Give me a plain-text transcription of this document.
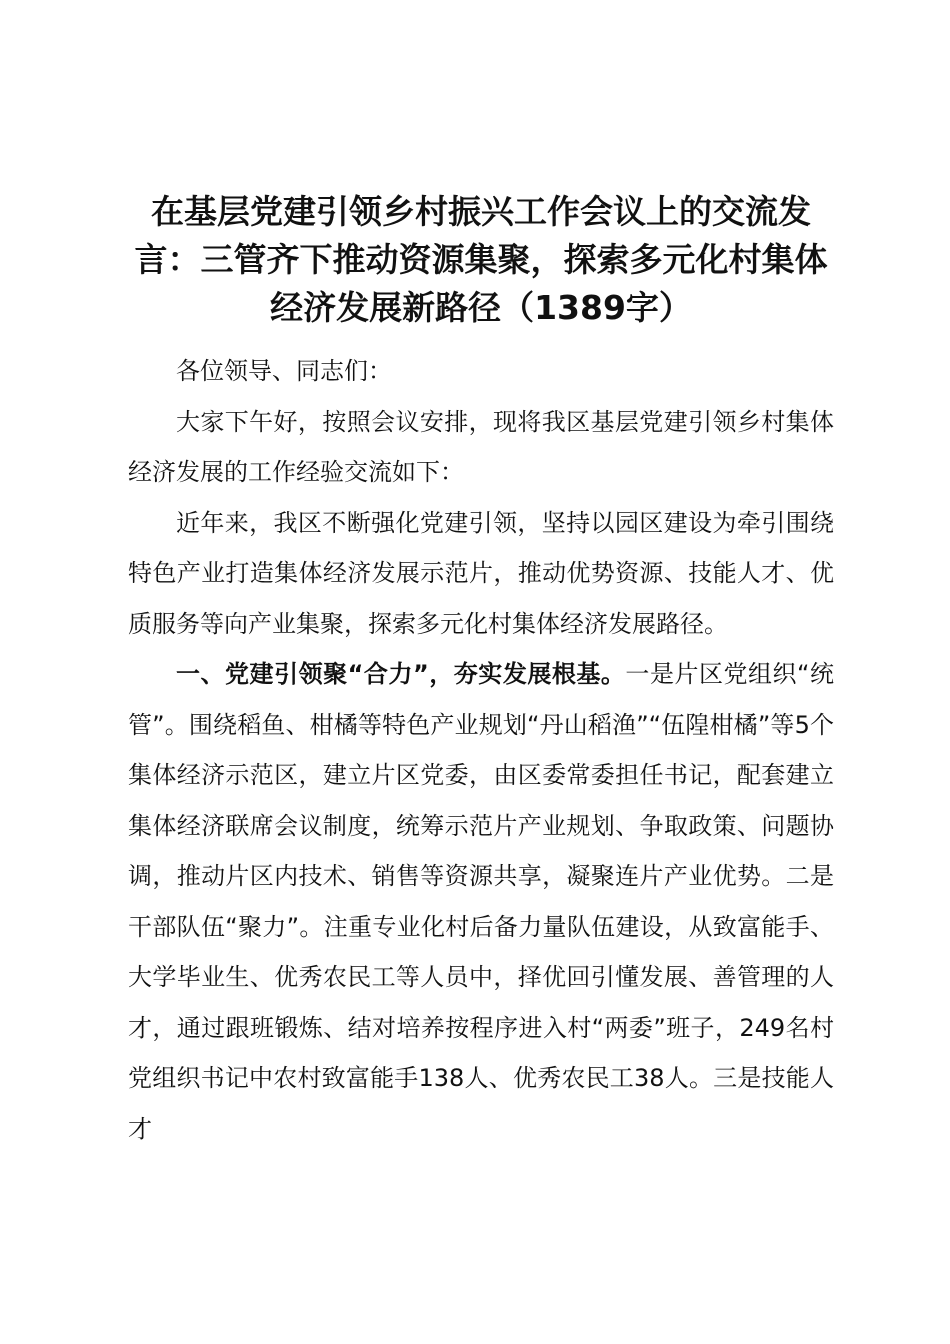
在基层党建引领乡村振兴工作会议上的交流发言：三管齐下推动资源集聚，探索多元化村集体经济发展新路径（1389字）

各位领导、同志们：

大家下午好，按照会议安排，现将我区基层党建引领乡村集体经济发展的工作经验交流如下：

近年来，我区不断强化党建引领，坚持以园区建设为牵引围绕特色产业打造集体经济发展示范片，推动优势资源、技能人才、优质服务等向产业集聚，探索多元化村集体经济发展路径。

一、党建引领聚“合力”，夯实发展根基。一是片区党组织“统管”。围绕稻鱼、柑橘等特色产业规划“丹山稻渔”“伍隍柑橘”等5个集体经济示范区，建立片区党委，由区委常委担任书记，配套建立集体经济联席会议制度，统筹示范片产业规划、争取政策、问题协调，推动片区内技术、销售等资源共享，凝聚连片产业优势。二是干部队伍“聚力”。注重专业化村后备力量队伍建设，从致富能手、大学毕业生、优秀农民工等人员中，择优回引懂发展、善管理的人才，通过跟班锻炼、结对培养按程序进入村“两委”班子，249名村党组织书记中农村致富能手138人、优秀农民工38人。三是技能人才
